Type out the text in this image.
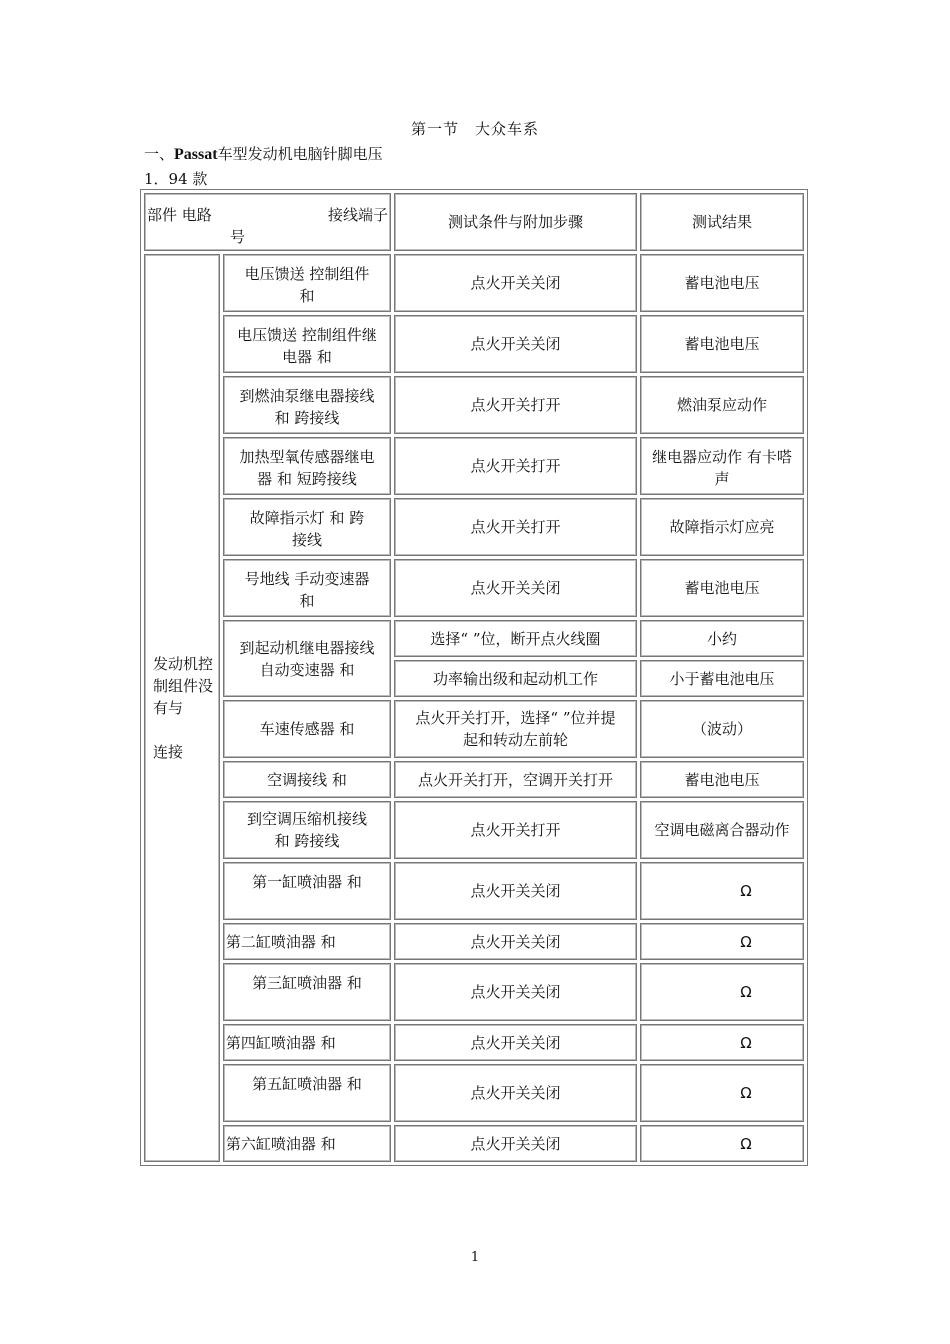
第一节　大众车系
一、Passat车型发动机电脑针脚电压
1．94 款
部件 电路 接线端子
号		测试条件与附加步骤	测试结果
发动机控制组件没有与

连接	电压馈送 控制组件
和	点火开关关闭	蓄电池电压
	电压馈送 控制组件继
电器 和	点火开关关闭	蓄电池电压
	到燃油泵继电器接线
和 跨接线	点火开关打开	燃油泵应动作
	加热型氧传感器继电
器 和 短跨接线	点火开关打开	继电器应动作 有卡嗒
声
	故障指示灯 和 跨
接线	点火开关打开	故障指示灯应亮
	号地线 手动变速器
和	点火开关关闭	蓄电池电压
	到起动机继电器接线
自动变速器 和	选择“ ”位，断开点火线圈	小约
		功率输出级和起动机工作	小于蓄电池电压
	车速传感器 和	点火开关打开，选择“ ”位并提
起和转动左前轮	（波动）
	空调接线 和	点火开关打开，空调开关打开	蓄电池电压
	到空调压缩机接线
和 跨接线	点火开关打开	空调电磁离合器动作
	第一缸喷油器 和	点火开关关闭	Ω
	第二缸喷油器 和	点火开关关闭	Ω
	第三缸喷油器 和	点火开关关闭	Ω
	第四缸喷油器 和	点火开关关闭	Ω
	第五缸喷油器 和	点火开关关闭	Ω
	第六缸喷油器 和	点火开关关闭	Ω
1
